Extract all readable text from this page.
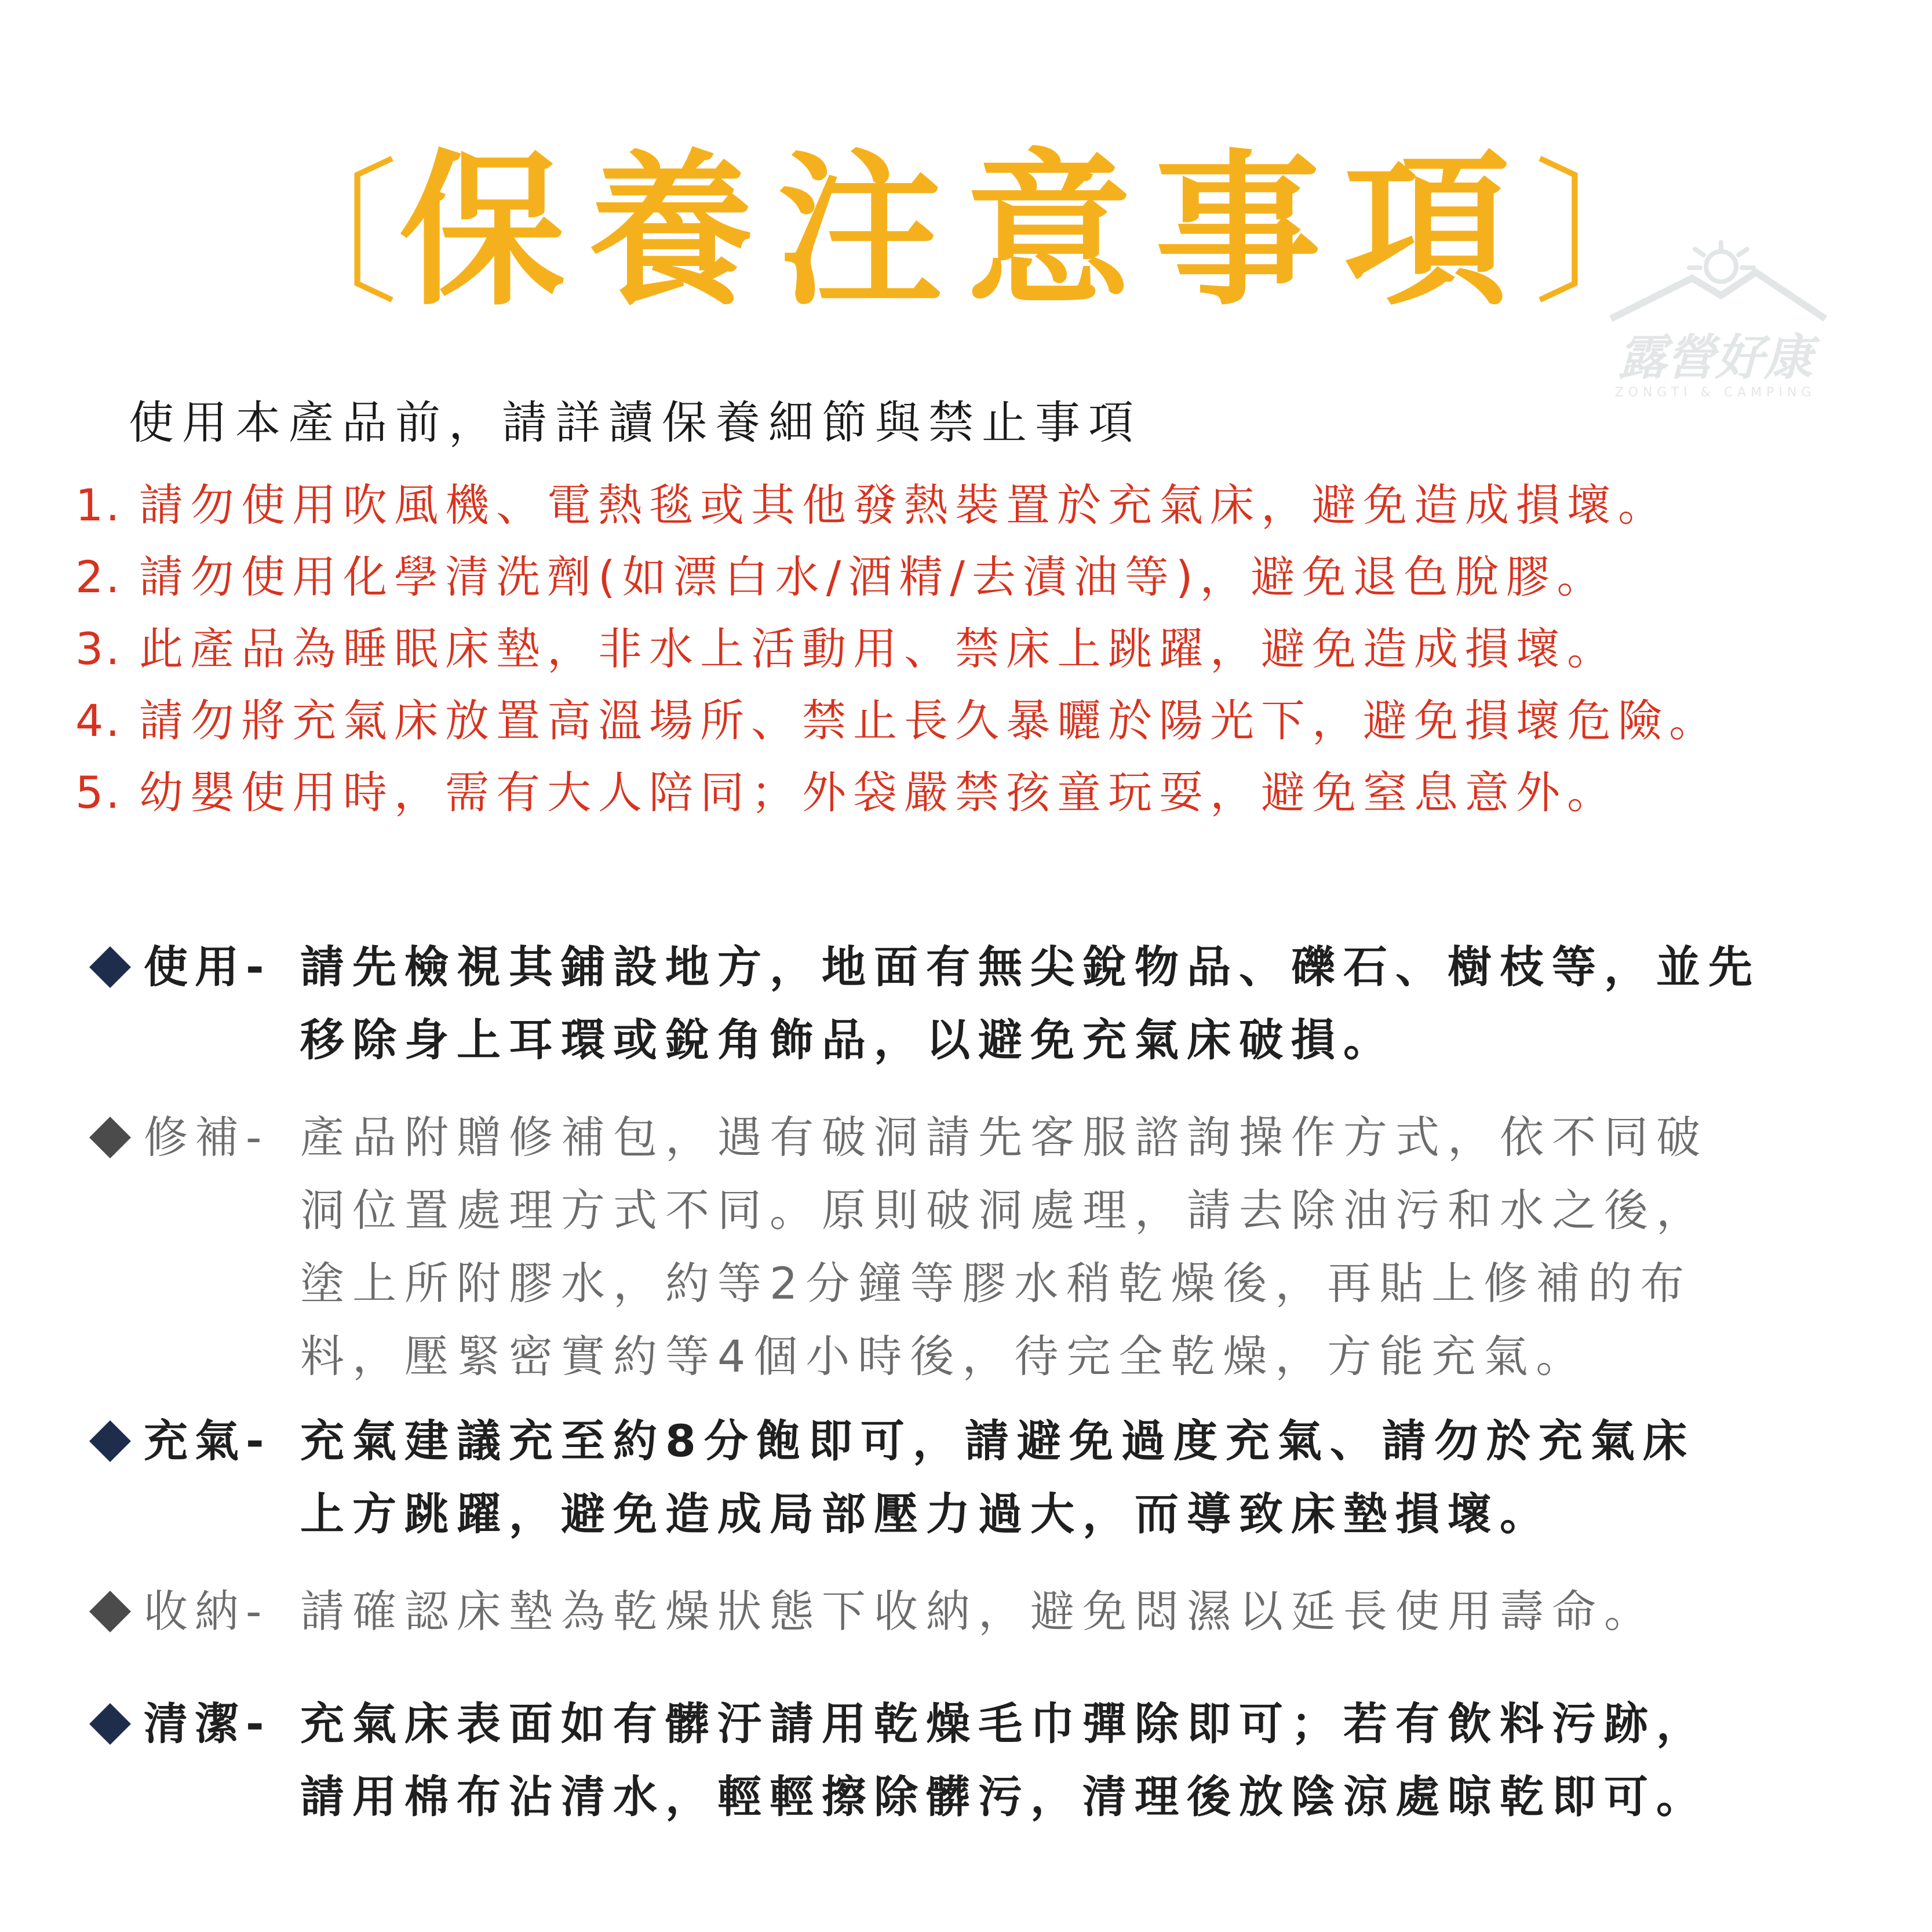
〔保養注意事項〕
露營好康
ZONGTI & CAMPING
使用本產品前，請詳讀保養細節與禁止事項
1. 請勿使用吹風機、電熱毯或其他發熱裝置於充氣床，避免造成損壞。
2. 請勿使用化學清洗劑(如漂白水/酒精/去漬油等)，避免退色脫膠。
3. 此產品為睡眠床墊，非水上活動用、禁床上跳躍，避免造成損壞。
4. 請勿將充氣床放置高溫場所、禁止長久暴曬於陽光下，避免損壞危險。
5. 幼嬰使用時，需有大人陪同；外袋嚴禁孩童玩耍，避免窒息意外。
使用- 請先檢視其鋪設地方，地面有無尖銳物品、礫石、樹枝等，並先
移除身上耳環或銳角飾品，以避免充氣床破損。
修補- 產品附贈修補包，遇有破洞請先客服諮詢操作方式，依不同破
洞位置處理方式不同。原則破洞處理，請去除油污和水之後，
塗上所附膠水，約等2分鐘等膠水稍乾燥後，再貼上修補的布
料，壓緊密實約等4個小時後，待完全乾燥，方能充氣。
充氣- 充氣建議充至約8分飽即可，請避免過度充氣、請勿於充氣床
上方跳躍，避免造成局部壓力過大，而導致床墊損壞。
收納- 請確認床墊為乾燥狀態下收納，避免悶濕以延長使用壽命。
清潔- 充氣床表面如有髒汙請用乾燥毛巾彈除即可；若有飲料污跡，
請用棉布沾清水，輕輕擦除髒污，清理後放陰涼處晾乾即可。
